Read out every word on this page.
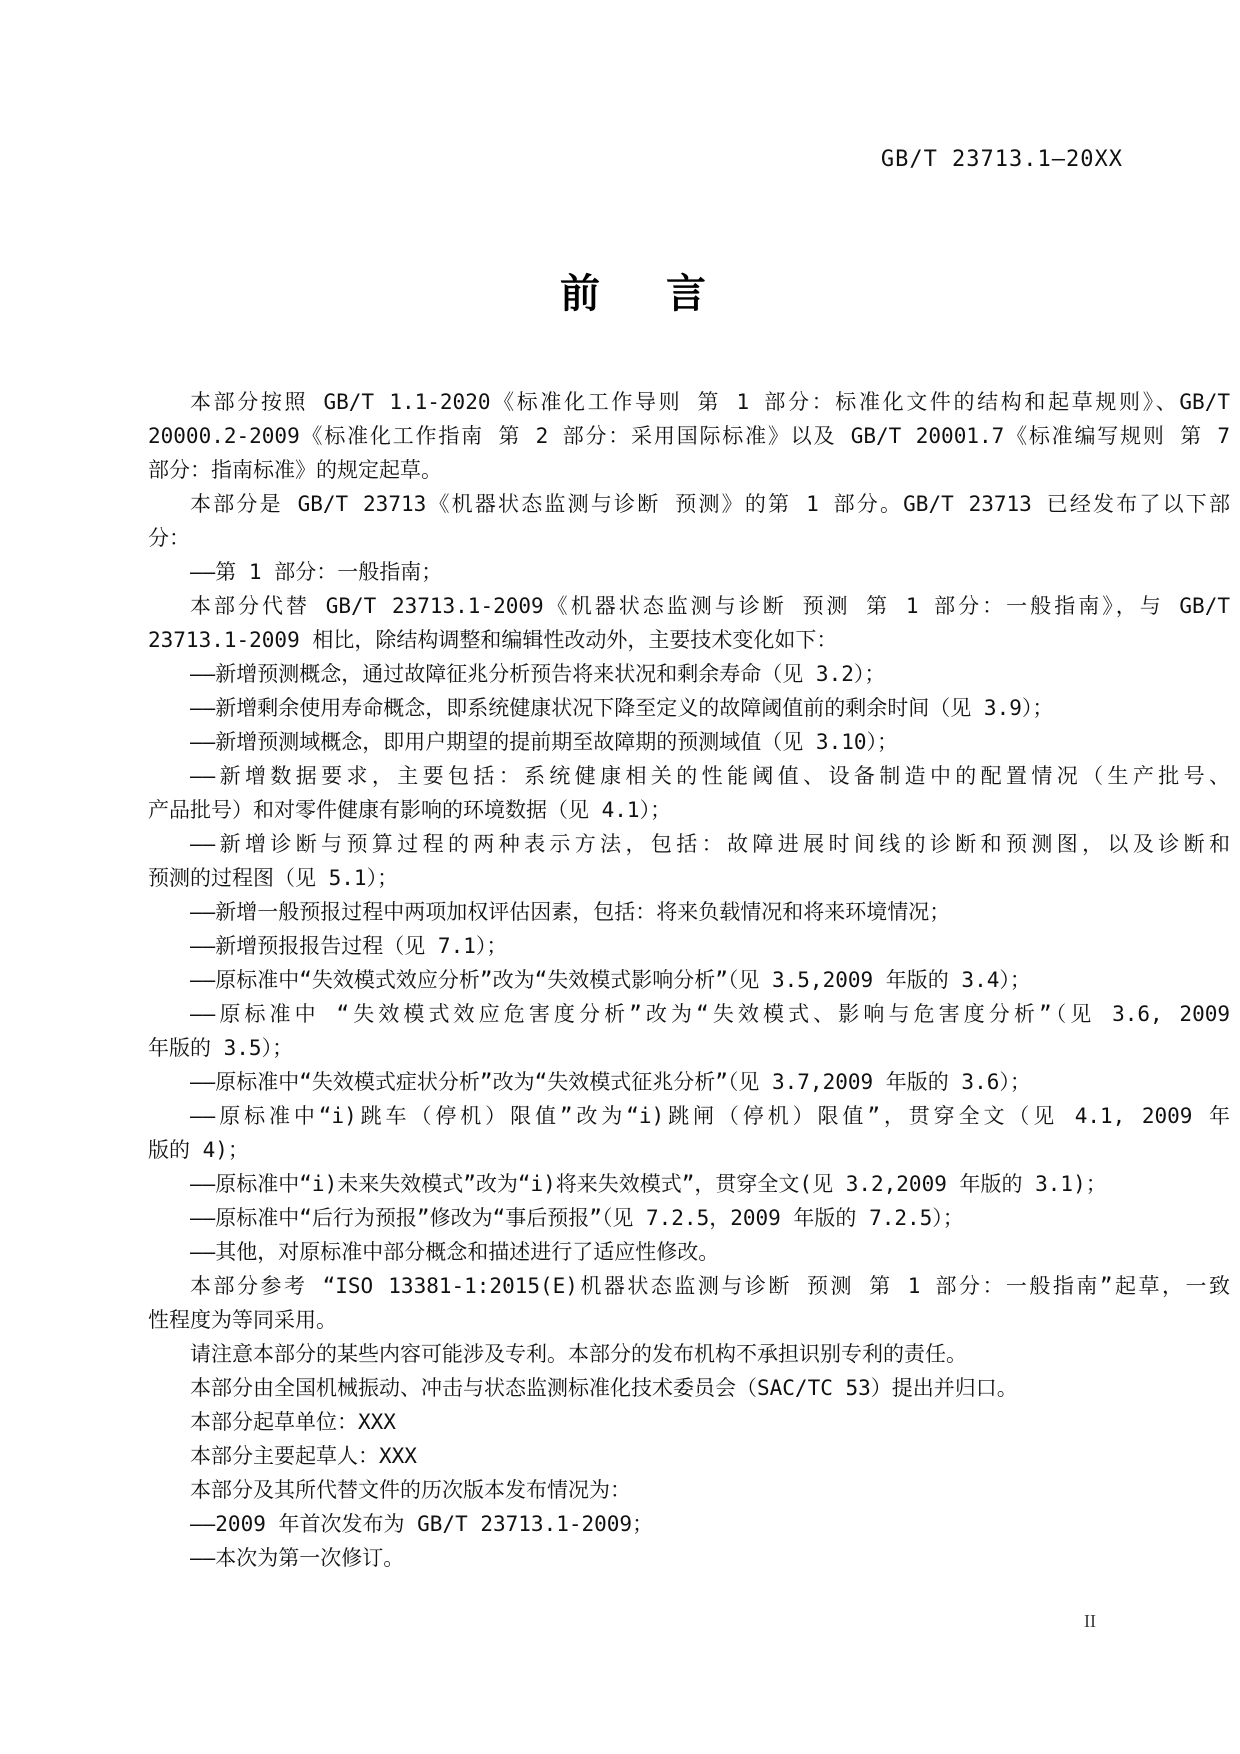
GB/T 23713.1—20XX
前 言
本部分按照 GB/T 1.1-2020《标准化工作导则 第 1 部分：标准化文件的结构和起草规则》、GB/T
20000.2-2009《标准化工作指南 第 2 部分：采用国际标准》以及 GB/T 20001.7《标准编写规则 第 7
部分：指南标准》的规定起草。
本部分是 GB/T 23713《机器状态监测与诊断 预测》的第 1 部分。GB/T 23713 已经发布了以下部
分：
——第 1 部分：一般指南；
本部分代替 GB/T 23713.1-2009《机器状态监测与诊断 预测 第 1 部分：一般指南》，与 GB/T
23713.1-2009 相比，除结构调整和编辑性改动外，主要技术变化如下：
——新增预测概念，通过故障征兆分析预告将来状况和剩余寿命（见 3.2）；
——新增剩余使用寿命概念，即系统健康状况下降至定义的故障阈值前的剩余时间（见 3.9）；
——新增预测域概念，即用户期望的提前期至故障期的预测域值（见 3.10）；
——新增数据要求，主要包括：系统健康相关的性能阈值、设备制造中的配置情况（生产批号、
产品批号）和对零件健康有影响的环境数据（见 4.1）；
——新增诊断与预算过程的两种表示方法，包括：故障进展时间线的诊断和预测图，以及诊断和
预测的过程图（见 5.1）；
——新增一般预报过程中两项加权评估因素，包括：将来负载情况和将来环境情况；
——新增预报报告过程（见 7.1）；
——原标准中“失效模式效应分析”改为“失效模式影响分析”（见 3.5,2009 年版的 3.4）；
——原标准中 “失效模式效应危害度分析”改为“失效模式、影响与危害度分析”（见 3.6, 2009
年版的 3.5）；
——原标准中“失效模式症状分析”改为“失效模式征兆分析”（见 3.7,2009 年版的 3.6）；
——原标准中“i)跳车（停机）限值”改为“i)跳闸（停机）限值”，贯穿全文（见 4.1, 2009 年
版的 4)；
——原标准中“i)未来失效模式”改为“i)将来失效模式”，贯穿全文(见 3.2,2009 年版的 3.1)；
——原标准中“后行为预报”修改为“事后预报”（见 7.2.5，2009 年版的 7.2.5）；
——其他，对原标准中部分概念和描述进行了适应性修改。
本部分参考 “ISO 13381-1:2015(E)机器状态监测与诊断 预测 第 1 部分：一般指南”起草，一致
性程度为等同采用。
请注意本部分的某些内容可能涉及专利。本部分的发布机构不承担识别专利的责任。
本部分由全国机械振动、冲击与状态监测标准化技术委员会（SAC/TC 53）提出并归口。
本部分起草单位：XXX
本部分主要起草人：XXX
本部分及其所代替文件的历次版本发布情况为：
——2009 年首次发布为 GB/T 23713.1-2009；
——本次为第一次修订。
II
